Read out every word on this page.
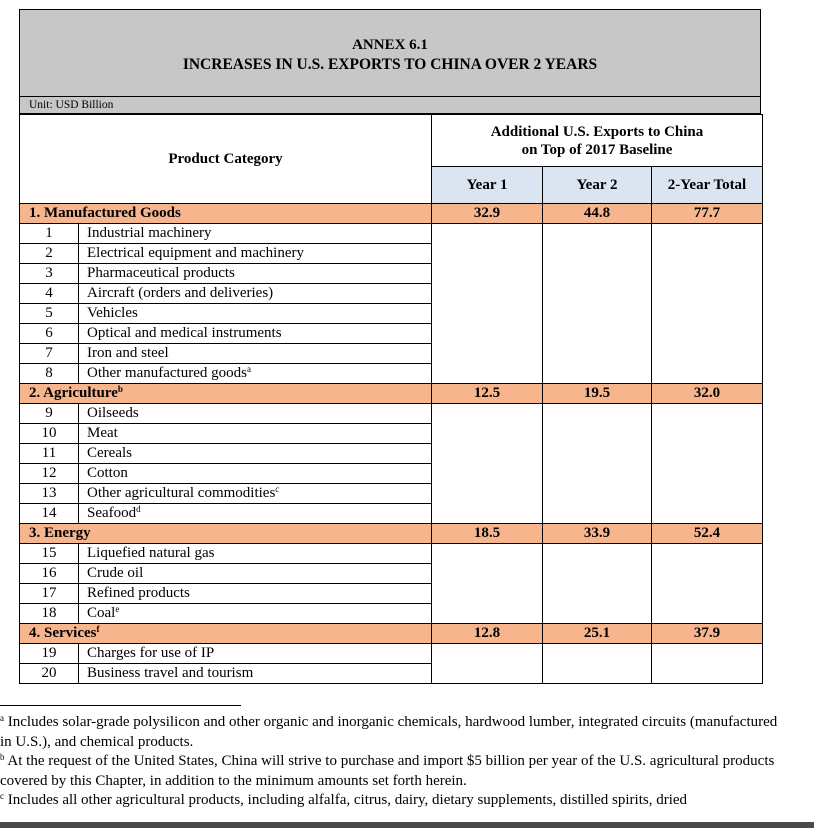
ANNEX 6.1
INCREASES IN U.S. EXPORTS TO CHINA OVER 2 YEARS
Unit: USD Billion
Product Category		Additional U.S. Exports to China
on Top of 2017 Baseline		
		Year 1	Year 2	2-Year Total
1. Manufactured Goods		32.9	44.8	77.7
1	Industrial machinery			
2	Electrical equipment and machinery			
3	Pharmaceutical products			
4	Aircraft (orders and deliveries)			
5	Vehicles			
6	Optical and medical instruments			
7	Iron and steel			
8	Other manufactured goods$^a$
2. Agriculture$^b$		12.5	19.5	32.0
9	Oilseeds			
10	Meat			
11	Cereals			
12	Cotton			
13	Other agricultural commodities$^c$
14	Seafood$^d$
3. Energy		18.5	33.9	52.4
15	Liquefied natural gas			
16	Crude oil			
17	Refined products			
18	Coal$^e$
4. Services$^f$		12.8	25.1	37.9
19	Charges for use of IP			
20	Business travel and tourism			

$^a$ Includes solar-grade polysilicon and other organic and inorganic chemicals, hardwood lumber, integrated circuits (manufactured in U.S.), and chemical products.

$^b$ At the request of the United States, China will strive to purchase and import $5 billion per year of the U.S. agricultural products covered by this Chapter, in addition to the minimum amounts set forth herein.

$^c$ Includes all other agricultural products, including alfalfa, citrus, dairy, dietary supplements, distilled spirits, dried
